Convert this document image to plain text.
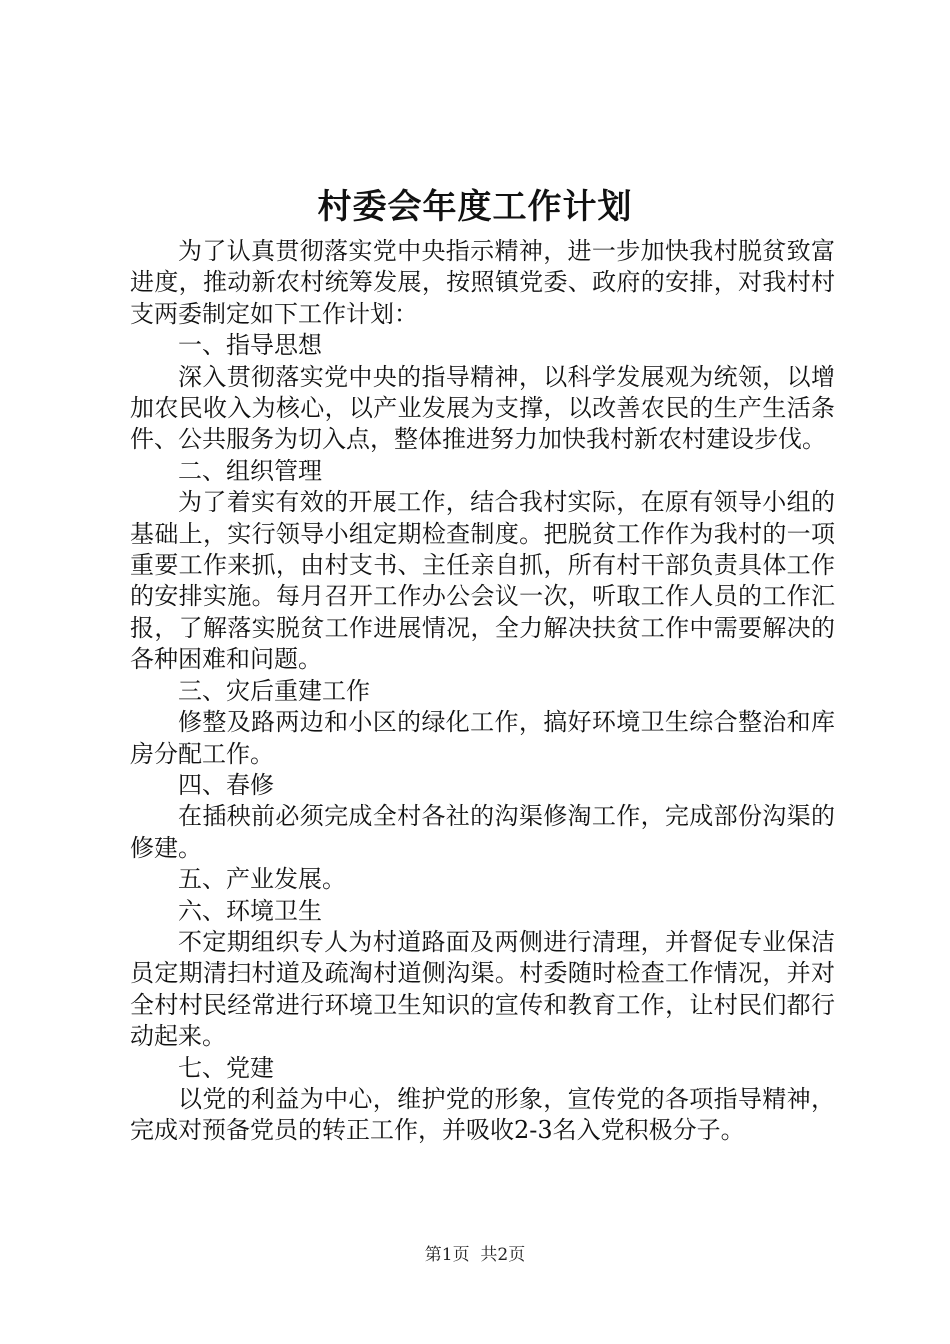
村委会年度工作计划

为了认真贯彻落实党中央指示精神，进一步加快我村脱贫致富进度，推动新农村统筹发展，按照镇党委、政府的安排，对我村村支两委制定如下工作计划：

一、指导思想

深入贯彻落实党中央的指导精神，以科学发展观为统领，以增加农民收入为核心，以产业发展为支撑，以改善农民的生产生活条件、公共服务为切入点，整体推进努力加快我村新农村建设步伐。

二、组织管理

为了着实有效的开展工作，结合我村实际，在原有领导小组的基础上，实行领导小组定期检查制度。把脱贫工作作为我村的一项重要工作来抓，由村支书、主任亲自抓，所有村干部负责具体工作的安排实施。每月召开工作办公会议一次，听取工作人员的工作汇报，了解落实脱贫工作进展情况，全力解决扶贫工作中需要解决的各种困难和问题。

三、灾后重建工作

修整及路两边和小区的绿化工作，搞好环境卫生综合整治和库房分配工作。

四、春修

在插秧前必须完成全村各社的沟渠修淘工作，完成部份沟渠的修建。

五、产业发展。

六、环境卫生

不定期组织专人为村道路面及两侧进行清理，并督促专业保洁员定期清扫村道及疏淘村道侧沟渠。村委随时检查工作情况，并对全村村民经常进行环境卫生知识的宣传和教育工作，让村民们都行动起来。

七、党建

以党的利益为中心，维护党的形象，宣传党的各项指导精神，完成对预备党员的转正工作，并吸收2-3名入党积极分子。

第1页 共2页
